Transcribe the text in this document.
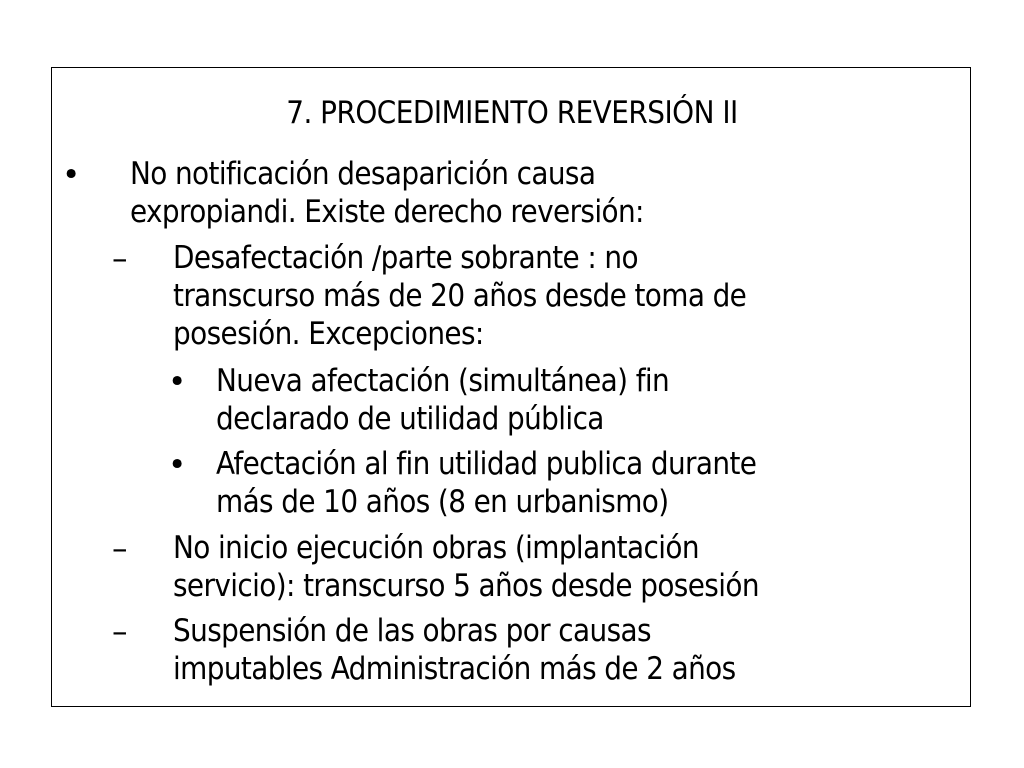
7. PROCEDIMIENTO REVERSIÓN II
• No notificación desaparición causa
expropiandi. Existe derecho reversión:
– Desafectación /parte sobrante : no
transcurso más de 20 años desde toma de
posesión. Excepciones:
• Nueva afectación (simultánea) fin
declarado de utilidad pública
• Afectación al fin utilidad publica durante
más de 10 años (8 en urbanismo)
– No inicio ejecución obras (implantación
servicio): transcurso 5 años desde posesión
– Suspensión de las obras por causas
imputables Administración más de 2 años
